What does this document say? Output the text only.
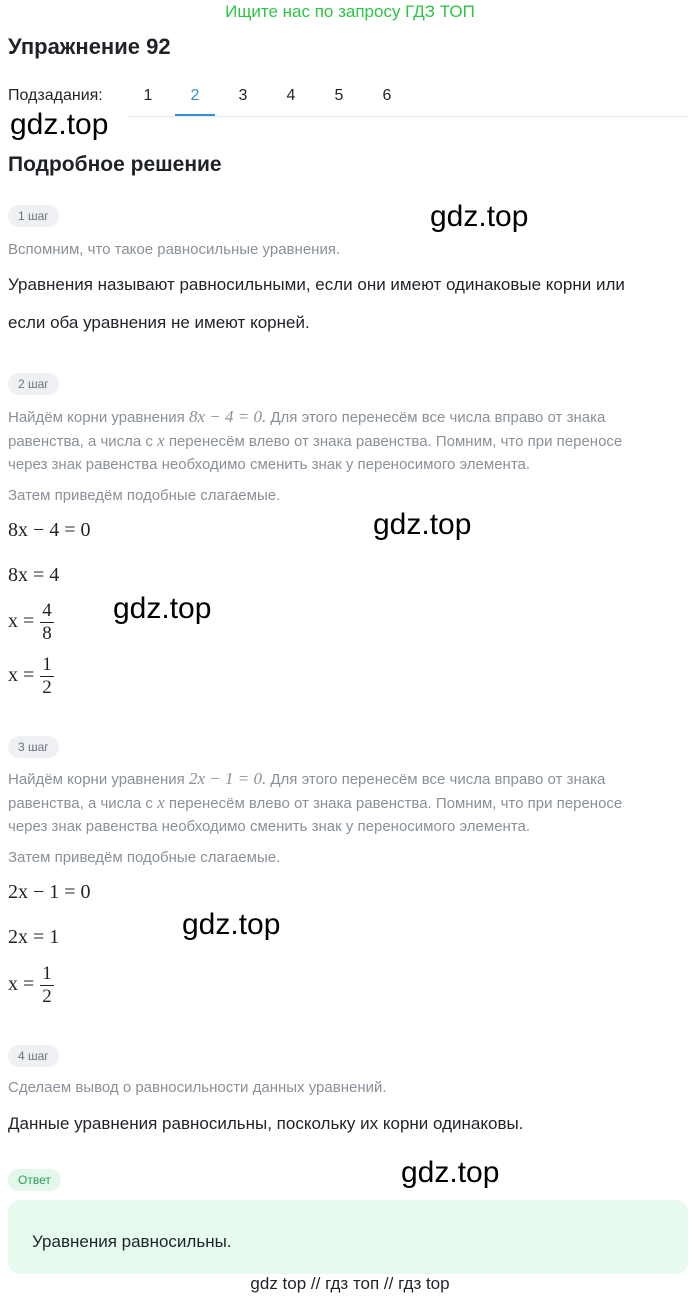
Ищите нас по запросу ГДЗ ТОП
Упражнение 92
Подзадания:	1	2	3	4	5	6
gdz.top
Подробное решение
1 шаг	gdz.top
Вспомним, что такое равносильные уравнения.
Уравнения называют равносильными, если они имеют одинаковые корни или
если оба уравнения не имеют корней.
2 шаг
Найдём корни уравнения 8x − 4 = 0. Для этого перенесём все числа вправо от знака
равенства, а числа с x перенесём влево от знака равенства. Помним, что при переносе
через знак равенства необходимо сменить знак у переносимого элемента.
Затем приведём подобные слагаемые.
8x − 4 = 0	gdz.top
8x = 4
$x = \frac{4}{8} gdz.top$
$x = \frac{1}{2}$
3 шаг
Найдём корни уравнения 2x − 1 = 0. Для этого перенесём все числа вправо от знака
равенства, а числа с x перенесём влево от знака равенства. Помним, что при переносе
через знак равенства необходимо сменить знак у переносимого элемента.
Затем приведём подобные слагаемые.
2x − 1 = 0
gdz.top
2x = 1
$x = \frac{1}{2}$
4 шаг
Сделаем вывод о равносильности данных уравнений.
Данные уравнения равносильны, поскольку их корни одинаковы.
Ответ	gdz.top
Уравнения равносильны.
gdz top // гдз топ // гдз top
